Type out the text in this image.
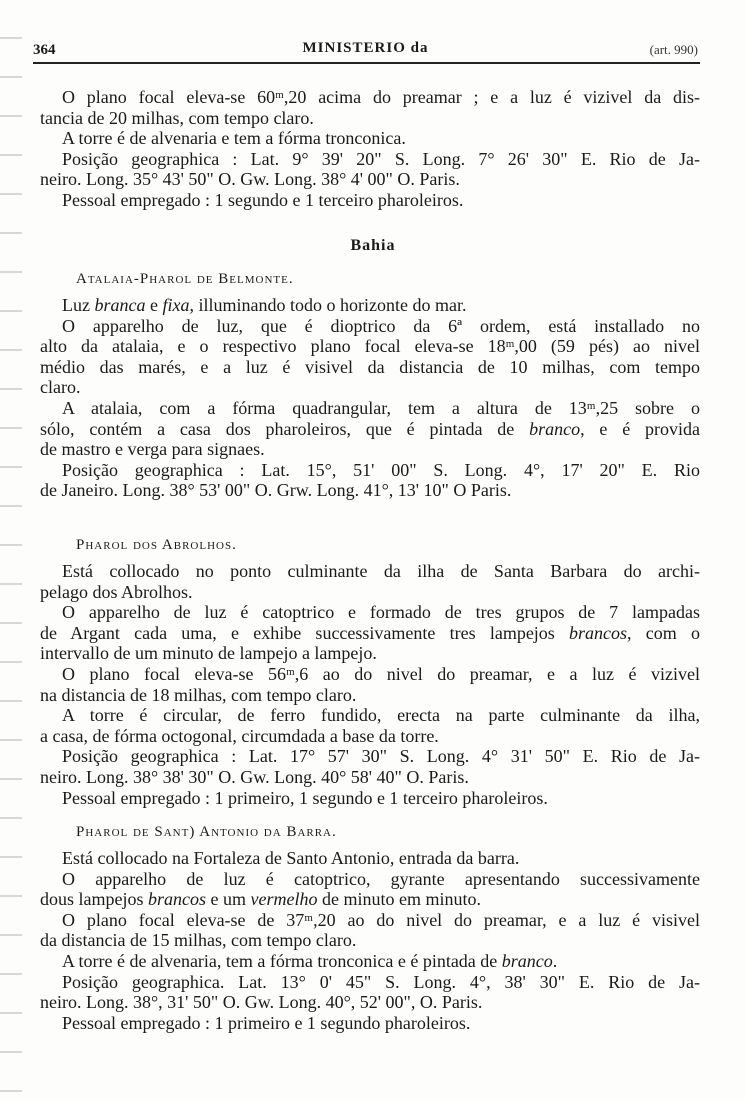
364	MINISTERIO da	(art. 990)
Bahia
O plano focal eleva-se 60ᵐ,20 acima do preamar ; e a luz é vizivel da dis-
tancia de 20 milhas, com tempo claro.
A torre é de alvenaria e tem a fórma tronconica.
Posição geographica : Lat. 9° 39' 20" S. Long. 7° 26' 30" E. Rio de Ja-
neiro. Long. 35° 43' 50" O. Gw. Long. 38° 4' 00" O. Paris.
Pessoal empregado : 1 segundo e 1 terceiro pharoleiros.
Atalaia-Pharol de Belmonte.
Luz branca e fixa, illuminando todo o horizonte do mar.
O apparelho de luz, que é dioptrico da 6ª ordem, está installado no
alto da atalaia, e o respectivo plano focal eleva-se 18ᵐ,00 (59 pés) ao nivel
médio das marés, e a luz é visivel da distancia de 10 milhas, com tempo
claro.
A atalaia, com a fórma quadrangular, tem a altura de 13ᵐ,25 sobre o
sólo, contém a casa dos pharoleiros, que é pintada de branco, e é provida
de mastro e verga para signaes.
Posição geographica : Lat. 15°, 51' 00" S. Long. 4°, 17' 20" E. Rio
de Janeiro. Long. 38° 53' 00" O. Grw. Long. 41°, 13' 10" O Paris.
Pharol dos Abrolhos.
Está collocado no ponto culminante da ilha de Santa Barbara do archi-
pelago dos Abrolhos.
O apparelho de luz é catoptrico e formado de tres grupos de 7 lampadas
de Argant cada uma, e exhibe successivamente tres lampejos brancos, com o
intervallo de um minuto de lampejo a lampejo.
O plano focal eleva-se 56ᵐ,6 ao do nivel do preamar, e a luz é vizivel
na distancia de 18 milhas, com tempo claro.
A torre é circular, de ferro fundido, erecta na parte culminante da ilha,
a casa, de fórma octogonal, circumdada a base da torre.
Posição geographica : Lat. 17° 57' 30" S. Long. 4° 31' 50" E. Rio de Ja-
neiro. Long. 38° 38' 30" O. Gw. Long. 40° 58' 40" O. Paris.
Pessoal empregado : 1 primeiro, 1 segundo e 1 terceiro pharoleiros.
Pharol de Sant) Antonio da Barra.
Está collocado na Fortaleza de Santo Antonio, entrada da barra.
O apparelho de luz é catoptrico, gyrante apresentando successivamente
dous lampejos brancos e um vermelho de minuto em minuto.
O plano focal eleva-se de 37ᵐ,20 ao do nivel do preamar, e a luz é visivel
da distancia de 15 milhas, com tempo claro.
A torre é de alvenaria, tem a fórma tronconica e é pintada de branco.
Posição geographica. Lat. 13° 0' 45" S. Long. 4°, 38' 30" E. Rio de Ja-
neiro. Long. 38°, 31' 50" O. Gw. Long. 40°, 52' 00", O. Paris.
Pessoal empregado : 1 primeiro e 1 segundo pharoleiros.
